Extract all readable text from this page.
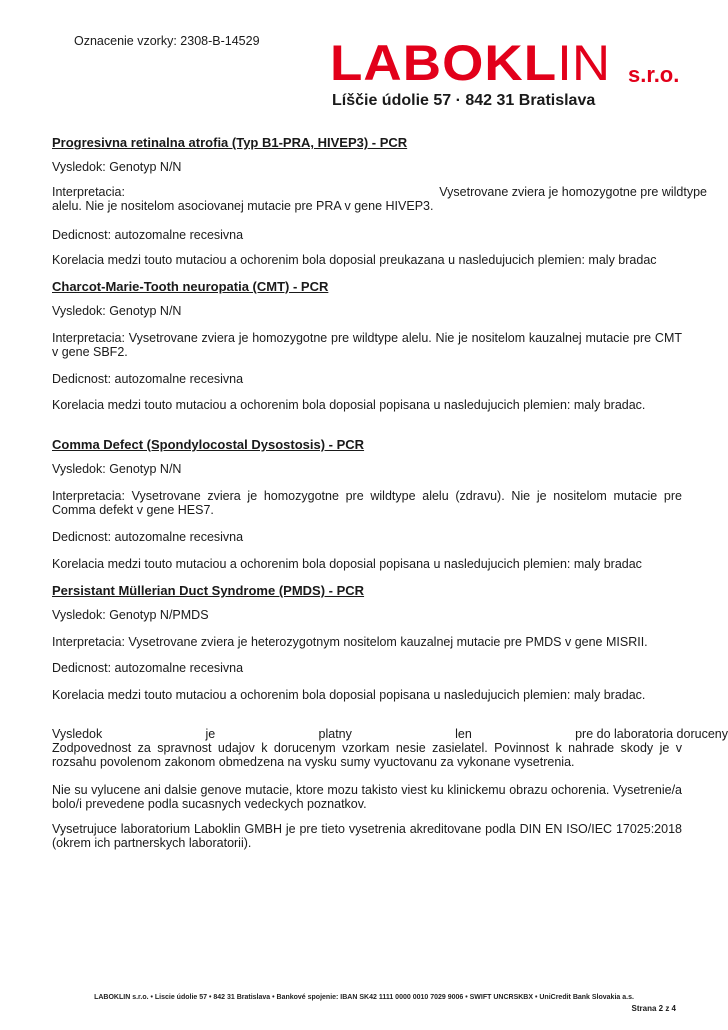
Oznacenie vzorky: 2308-B-14529 LABOKLIN s.r.o.
Líščie údolie 57 · 842 31 Bratislava
Progresivna retinalna atrofia (Typ B1-PRA, HIVEP3) - PCR
Vysledok: Genotyp N/N
Interpretacia:	Vysetrovane zviera je homozygotne pre wildtype
alelu. Nie je nositelom asociovanej mutacie pre PRA v gene HIVEP3.
Dedicnost: autozomalne recesivna
Korelacia medzi touto mutaciou a ochorenim bola doposial preukazana u nasledujucich plemien: maly bradac
Charcot-Marie-Tooth neuropatia (CMT) - PCR
Vysledok: Genotyp N/N
Interpretacia: Vysetrovane zviera je homozygotne pre wildtype alelu. Nie je nositelom kauzalnej mutacie pre CMT v gene SBF2.
Dedicnost: autozomalne recesivna
Korelacia medzi touto mutaciou a ochorenim bola doposial popisana u nasledujucich plemien: maly bradac.
Comma Defect (Spondylocostal Dysostosis) - PCR
Vysledok: Genotyp N/N
Interpretacia: Vysetrovane zviera je homozygotne pre wildtype alelu (zdravu). Nie je nositelom mutacie pre Comma defekt v gene HES7.
Dedicnost: autozomalne recesivna
Korelacia medzi touto mutaciou a ochorenim bola doposial popisana u nasledujucich plemien: maly bradac
Persistant Müllerian Duct Syndrome (PMDS) - PCR
Vysledok: Genotyp N/PMDS
Interpretacia: Vysetrovane zviera je heterozygotnym nositelom kauzalnej mutacie pre PMDS v gene MISRII.
Dedicnost: autozomalne recesivna
Korelacia medzi touto mutaciou a ochorenim bola doposial popisana u nasledujucich plemien: maly bradac.
Vysledok	je	platny	len	pre do laboratoria doruceny
Zodpovednost za spravnost udajov k dorucenym vzorkam nesie zasielatel. Povinnost k nahrade skody je v rozsahu povolenom zakonom obmedzena na vysku sumy vyuctovanu za vykonane vysetrenia.
Nie su vylucene ani dalsie genove mutacie, ktore mozu takisto viest ku klinickemu obrazu ochorenia. Vysetrenie/a bolo/i prevedene podla sucasnych vedeckych poznatkov.
Vysetrujuce laboratorium Laboklin GMBH je pre tieto vysetrenia akreditovane podla DIN EN ISO/IEC 17025:2018 (okrem ich partnerskych laboratorii).
LABOKLIN s.r.o. • Liscie údolie 57 • 842 31 Bratislava • Bankové spojenie: IBAN SK42 1111 0000 0010 7029 9006 • SWIFT UNCRSKBX • UniCredit Bank Slovakia a.s.
Strana 2 z 4
